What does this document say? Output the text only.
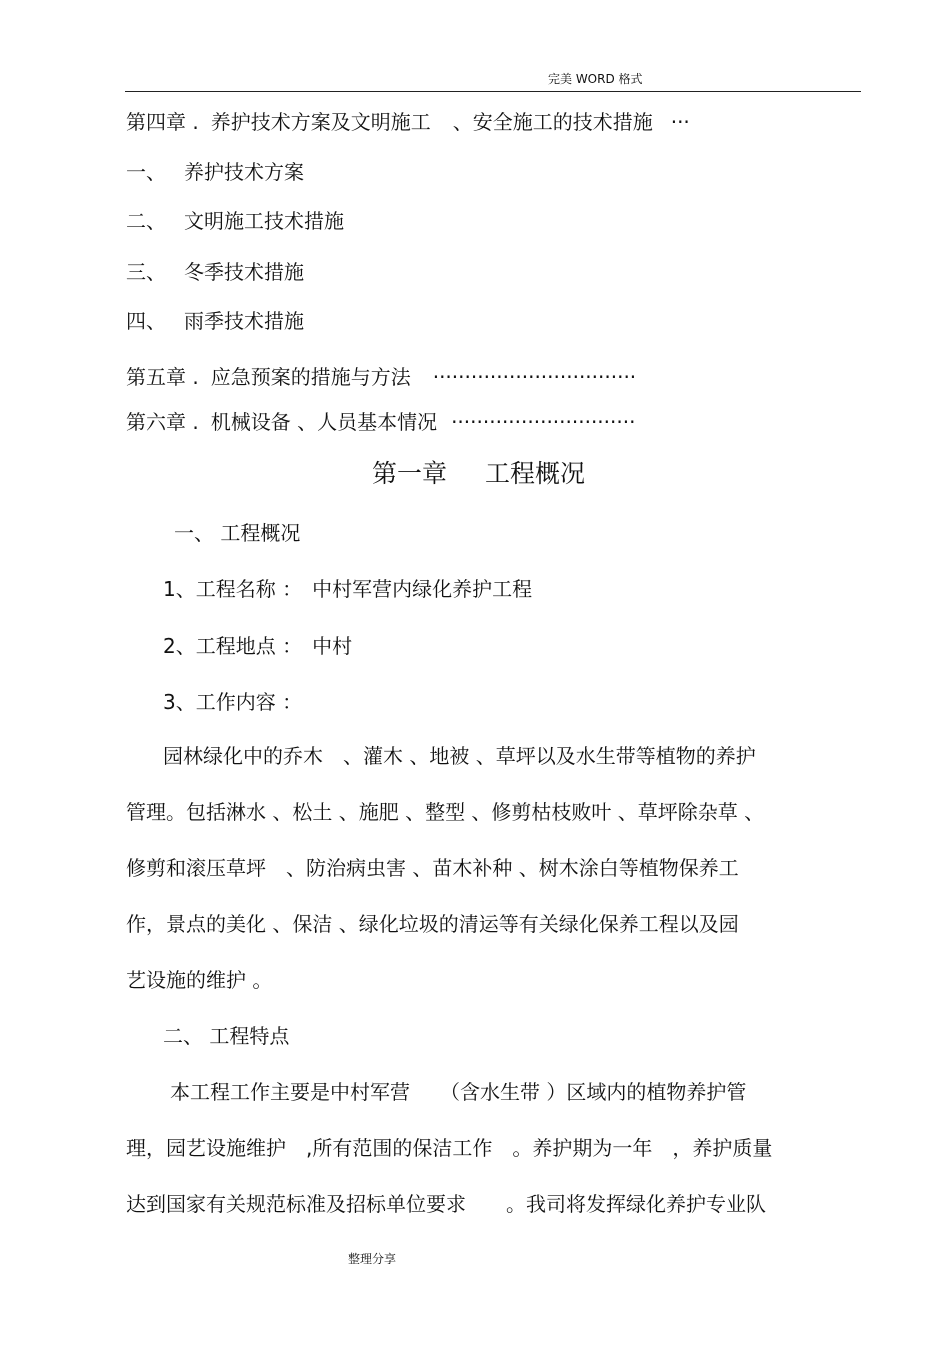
完美 WORD 格式
第四章 . 养护技术方案及文明施工 、安全施工的技术措施 ···
一、 养护技术方案
二、 文明施工技术措施
三、 冬季技术措施
四、 雨季技术措施
第五章 . 应急预案的措施与方法 ································
第六章 . 机械设备 、人员基本情况 ·····························
第一章 工程概况
一、 工程概况
1、工程名称 ： 中村军营内绿化养护工程
2、工程地点 ： 中村
3、工作内容 ：
园林绿化中的乔木　、灌木 、地被 、草坪以及水生带等植物的养护
管理。包括淋水 、松土 、施肥 、整型 、修剪枯枝败叶 、草坪除杂草 、
修剪和滚压草坪　、防治病虫害 、苗木补种 、树木涂白等植物保养工
作，景点的美化 、保洁 、绿化垃圾的清运等有关绿化保养工程以及园
艺设施的维护 。
二、 工程特点
本工程工作主要是中村军营　　（含水生带 ）区域内的植物养护管
理，园艺设施维护　,所有范围的保洁工作　。养护期为一年　，养护质量
达到国家有关规范标准及招标单位要求　　。我司将发挥绿化养护专业队
整理分享
